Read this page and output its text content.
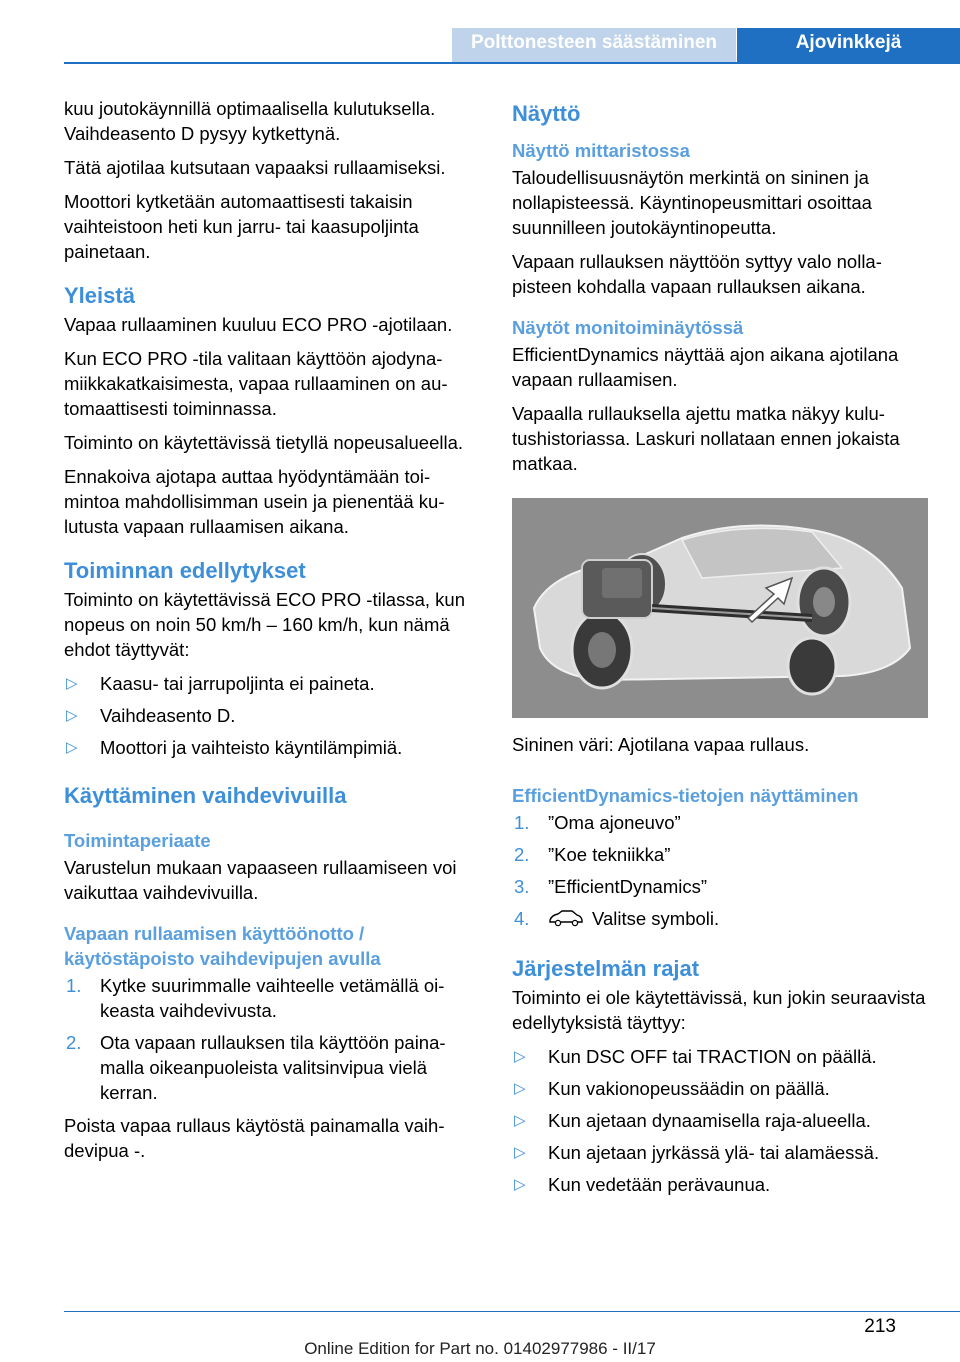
Polttonesteen säästäminen	Ajovinkkejä

kuu joutokäynnillä optimaalisella kulutuksella. Vaihdeasento D pysyy kytkettynä.

Tätä ajotilaa kutsutaan vapaaksi rullaamiseksi.

Moottori kytketään automaattisesti takaisin vaihteistoon heti kun jarru- tai kaasupoljinta painetaan.

Yleistä

Vapaa rullaaminen kuuluu ECO PRO -ajotilaan.

Kun ECO PRO -tila valitaan käyttöön ajodynamiikkakatkaisimesta, vapaa rullaaminen on automaattisesti toiminnassa.

Toiminto on käytettävissä tietyllä nopeusalueella.

Ennakoiva ajotapa auttaa hyödyntämään toimintoa mahdollisimman usein ja pienentää kulutusta vapaan rullaamisen aikana.

Toiminnan edellytykset

Toiminto on käytettävissä ECO PRO -tilassa, kun nopeus on noin 50 km/h – 160 km/h, kun nämä ehdot täyttyvät:

▷ Kaasu- tai jarrupoljinta ei paineta.
▷ Vaihdeasento D.
▷ Moottori ja vaihteisto käyntilämpimiä.
Käyttäminen vaihdevivuilla
Toimintaperiaate

Varustelun mukaan vapaaseen rullaamiseen voi vaikuttaa vaihdevivuilla.

Vapaan rullaamisen käyttöönotto / käytöstäpoisto vaihdevipujen avulla
1. Kytke suurimmalle vaihteelle vetämällä oikeasta vaihdevivusta.
2. Ota vapaan rullauksen tila käyttöön painamalla oikeanpuoleista valitsinvipua vielä kerran.

Poista vapaa rullaus käytöstä painamalla vaihdevipua -.

Näyttö
Näyttö mittaristossa

Taloudellisuusnäytön merkintä on sininen ja nollapisteessä. Käyntinopeusmittari osoittaa suunnilleen joutokäyntinopeutta.

Vapaan rullauksen näyttöön syttyy valo nollapisteen kohdalla vapaan rullauksen aikana.

Näytöt monitoiminäytössä

EfficientDynamics näyttää ajon aikana ajotilana vapaan rullaamisen.

Vapaalla rullauksella ajettu matka näkyy kulutushistoriassa. Laskuri nollataan ennen jokaista matkaa.

Sininen väri: Ajotilana vapaa rullaus.

EfficientDynamics-tietojen näyttäminen
1. ”Oma ajoneuvo”
2. ”Koe tekniikka”
3. ”EfficientDynamics”
4.	Valitse symboli.
Järjestelmän rajat

Toiminto ei ole käytettävissä, kun jokin seuraavista edellytyksistä täyttyy:

▷ Kun DSC OFF tai TRACTION on päällä.
▷ Kun vakionopeussäädin on päällä.
▷ Kun ajetaan dynaamisella raja-alueella.
▷ Kun ajetaan jyrkässä ylä- tai alamäessä.
▷ Kun vedetään perävaunua.
213
Online Edition for Part no. 01402977986 - II/17
